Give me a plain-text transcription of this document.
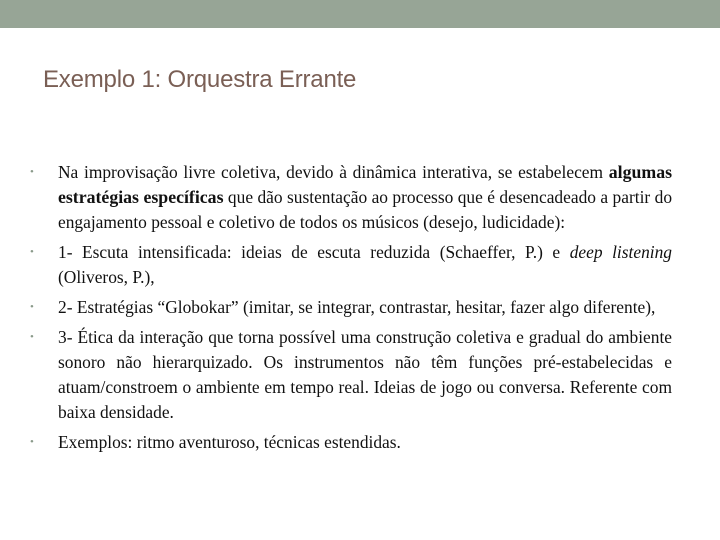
Exemplo 1: Orquestra Errante
•	Na improvisação livre coletiva, devido à dinâmica interativa, se estabelecem algumas estratégias específicas que dão sustentação ao processo que é desencadeado a partir do engajamento pessoal e coletivo de todos os músicos (desejo, ludicidade):
•	1- Escuta intensificada: ideias de escuta reduzida (Schaeffer, P.) e deep listening (Oliveros, P.),
•	2- Estratégias “Globokar” (imitar, se integrar, contrastar, hesitar, fazer algo diferente),
•	3- Ética da interação que torna possível uma construção coletiva e gradual do ambiente sonoro não hierarquizado. Os instrumentos não têm funções pré-estabelecidas e atuam/constroem o ambiente em tempo real. Ideias de jogo ou conversa. Referente com baixa densidade.
•	Exemplos: ritmo aventuroso, técnicas estendidas.
